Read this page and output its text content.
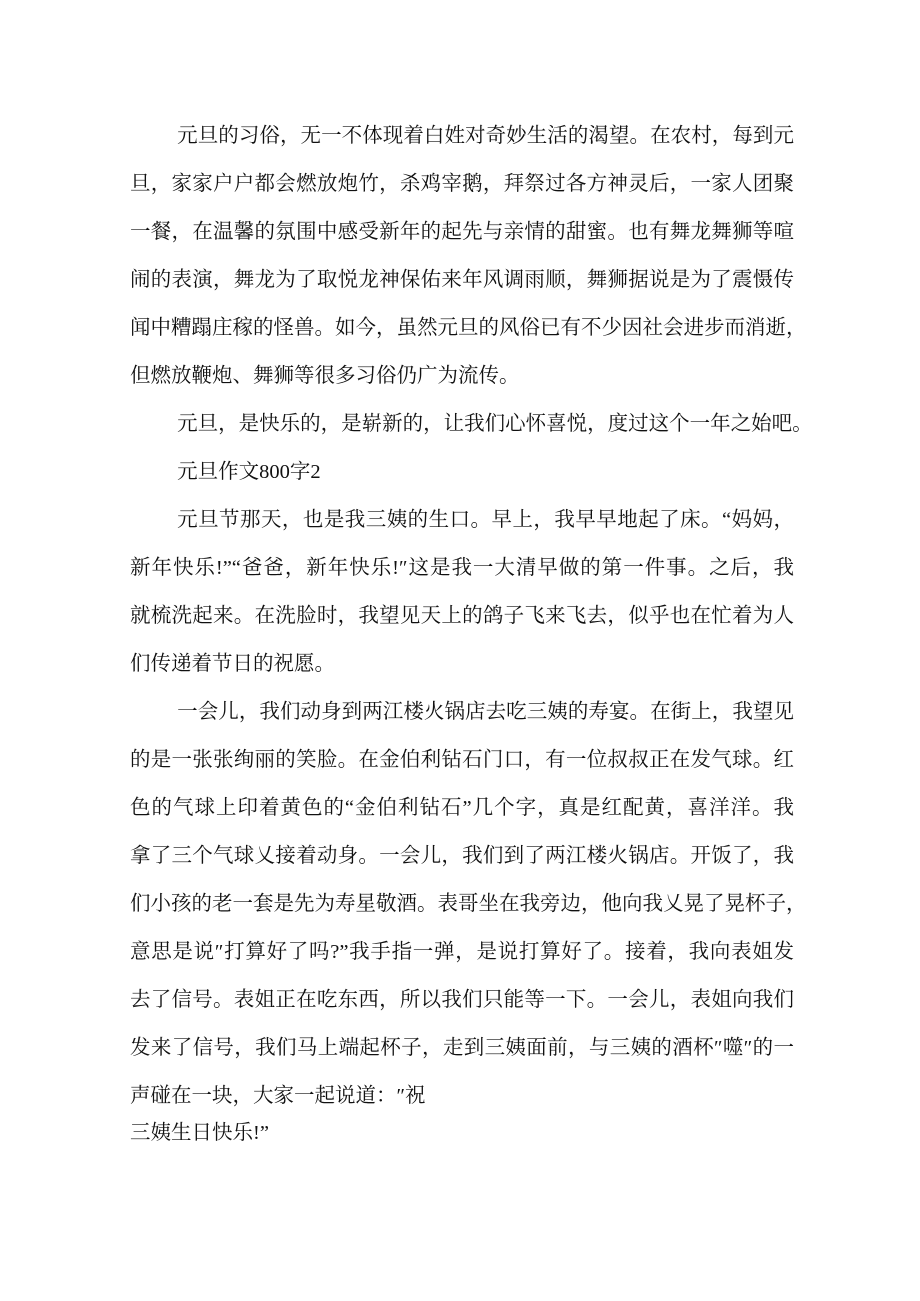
元旦的习俗，无一不体现着白姓对奇妙生活的渴望。在农村，每到元
旦，家家户户都会燃放炮竹，杀鸡宰鹅，拜祭过各方神灵后，一家人团聚
一餐，在温馨的氛围中感受新年的起先与亲情的甜蜜。也有舞龙舞狮等喧
闹的表演，舞龙为了取悦龙神保佑来年风调雨顺，舞狮据说是为了震慑传
闻中糟蹋庄稼的怪兽。如今，虽然元旦的风俗已有不少因社会进步而消逝，
但燃放鞭炮、舞狮等很多习俗仍广为流传。
元旦，是快乐的，是崭新的，让我们心怀喜悦，度过这个一年之始吧。
元旦作文800字2
元旦节那天，也是我三姨的生口。早上，我早早地起了床。“妈妈，
新年快乐!”“爸爸，新年快乐!″这是我一大清早做的第一件事。之后，我
就梳洗起来。在洗脸时，我望见天上的鸽子飞来飞去，似乎也在忙着为人
们传递着节日的祝愿。
一会儿，我们动身到两江楼火锅店去吃三姨的寿宴。在街上，我望见
的是一张张绚丽的笑脸。在金伯利钻石门口，有一位叔叔正在发气球。红
色的气球上印着黄色的“金伯利钻石”几个字，真是红配黄，喜洋洋。我
拿了三个气球乂接着动身。一会儿，我们到了两江楼火锅店。开饭了，我
们小孩的老一套是先为寿星敬酒。表哥坐在我旁边，他向我乂晃了晃杯子，
意思是说″打算好了吗?”我手指一弹，是说打算好了。接着，我向表姐发
去了信号。表姐正在吃东西，所以我们只能等一下。一会儿，表姐向我们
发来了信号，我们马上端起杯子，走到三姨面前，与三姨的酒杯″噬″的一
声碰在一块，大家一起说道：″祝
三姨生日快乐!”
